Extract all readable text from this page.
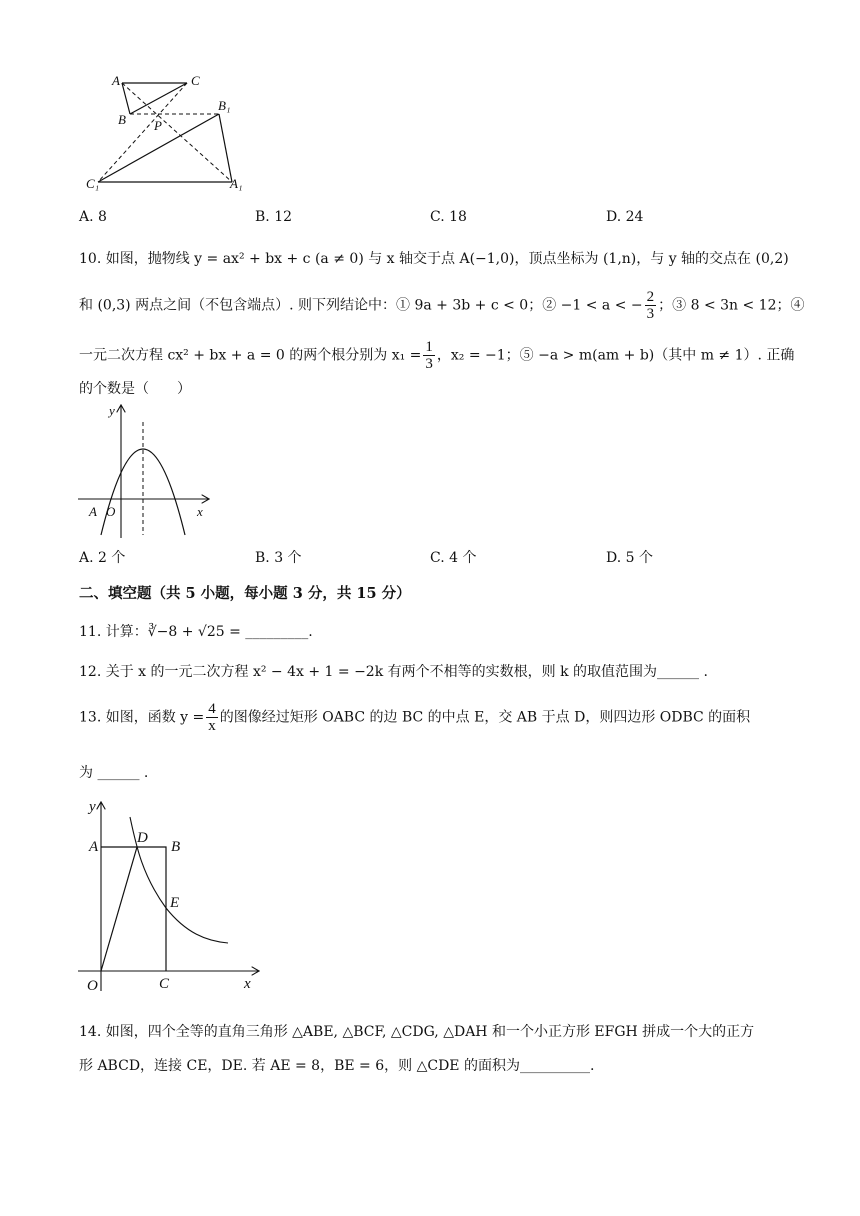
A	C
B
B₁
P
C₁	A₁
A. 8	B. 12	C. 18	D. 24
10. 如图，抛物线 y = ax² + bx + c (a ≠ 0) 与 x 轴交于点 A(−1,0)，顶点坐标为 (1,n)，与 y 轴的交点在 (0,2)
和 (0,3) 两点之间（不包含端点）. 则下列结论中：① 9a + 3b + c < 0；② −1 < a < − $\frac{2}{3}$ ；③ 8 < 3n < 12；④
一元二次方程 cx² + bx + a = 0 的两个根分别为 $x_1 = \frac{1}{3}$ ，x₂ = −1；⑤ −a > m(am + b)（其中 m ≠ 1）. 正确
的个数是（　　）
y
A O	x
A. 2 个	B. 3 个	C. 4 个	D. 5 个
二、填空题（共 5 小题，每小题 3 分，共 15 分）
11. 计算：∛−8 + √25 = _________.
12. 关于 x 的一元二次方程 x² − 4x + 1 = −2k 有两个不相等的实数根，则 k 的取值范围为______ .
13. 如图，函数 $y = \frac{4}{x}$ 的图像经过矩形 OABC 的边 BC 的中点 E，交 AB 于点 D，则四边形 ODBC 的面积
为 ______ .
y
A
D
B
E
O	C	x
14. 如图，四个全等的直角三角形 △ABE, △BCF, △CDG, △DAH 和一个小正方形 EFGH 拼成一个大的正方
形 ABCD，连接 CE，DE. 若 AE = 8，BE = 6，则 △CDE 的面积为__________.
